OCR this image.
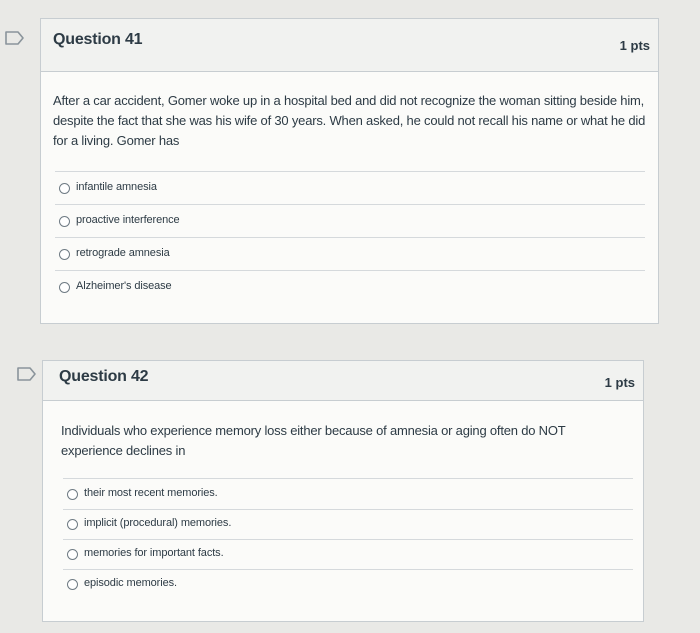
Question 41	1 pts
After a car accident, Gomer woke up in a hospital bed and did not recognize the woman sitting beside him, despite the fact that she was his wife of 30 years. When asked, he could not recall his name or what he did for a living. Gomer has
infantile amnesia
proactive interference
retrograde amnesia
Alzheimer's disease
Question 42	1 pts
Individuals who experience memory loss either because of amnesia or aging often do NOT experience declines in
their most recent memories.
implicit (procedural) memories.
memories for important facts.
episodic memories.
